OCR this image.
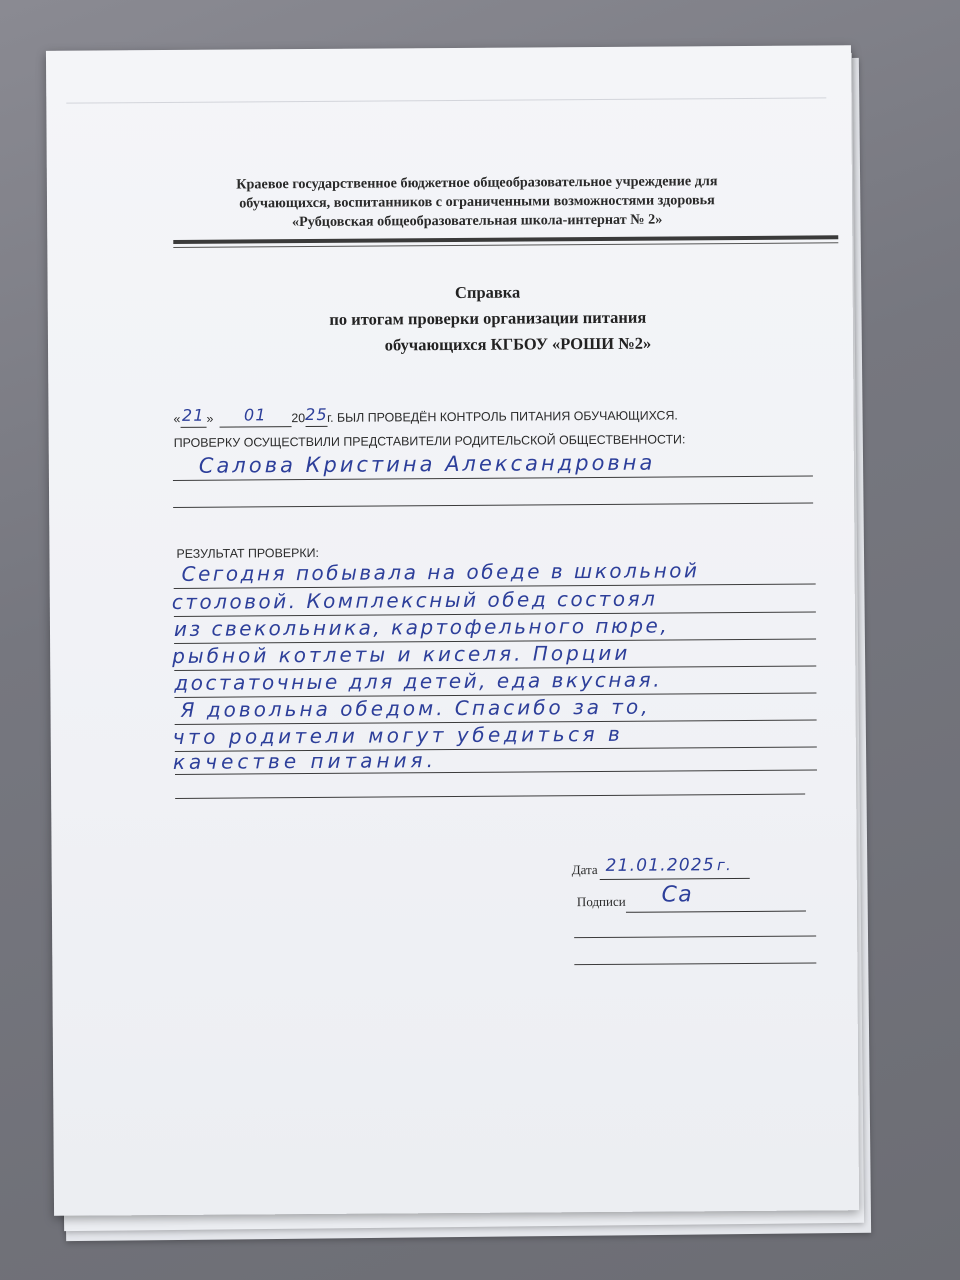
Краевое государственное бюджетное общеобразовательное учреждение для
обучающихся, воспитанников с ограниченными возможностями здоровья
«Рубцовская общеобразовательная школа-интернат № 2»
Справка
по итогам проверки организации питания
обучающихся КГБОУ «РОШИ №2»
«21 » 01 2025г. БЫЛ ПРОВЕДЁН КОНТРОЛЬ ПИТАНИЯ ОБУЧАЮЩИХСЯ.
ПРОВЕРКУ ОСУЩЕСТВИЛИ ПРЕДСТАВИТЕЛИ РОДИТЕЛЬСКОЙ ОБЩЕСТВЕННОСТИ:
Салова Кристина Александровна
РЕЗУЛЬТАТ ПРОВЕРКИ:
Сегодня побывала на обеде в школьной
столовой. Комплексный обед состоял
из свекольника, картофельного пюре,
рыбной котлеты и киселя. Порции
достаточные для детей, еда вкусная.
Я довольна обедом. Спасибо за то,
что родители могут убедиться в
качестве питания.
Дата 21.01.2025 г.
Подписи Са
